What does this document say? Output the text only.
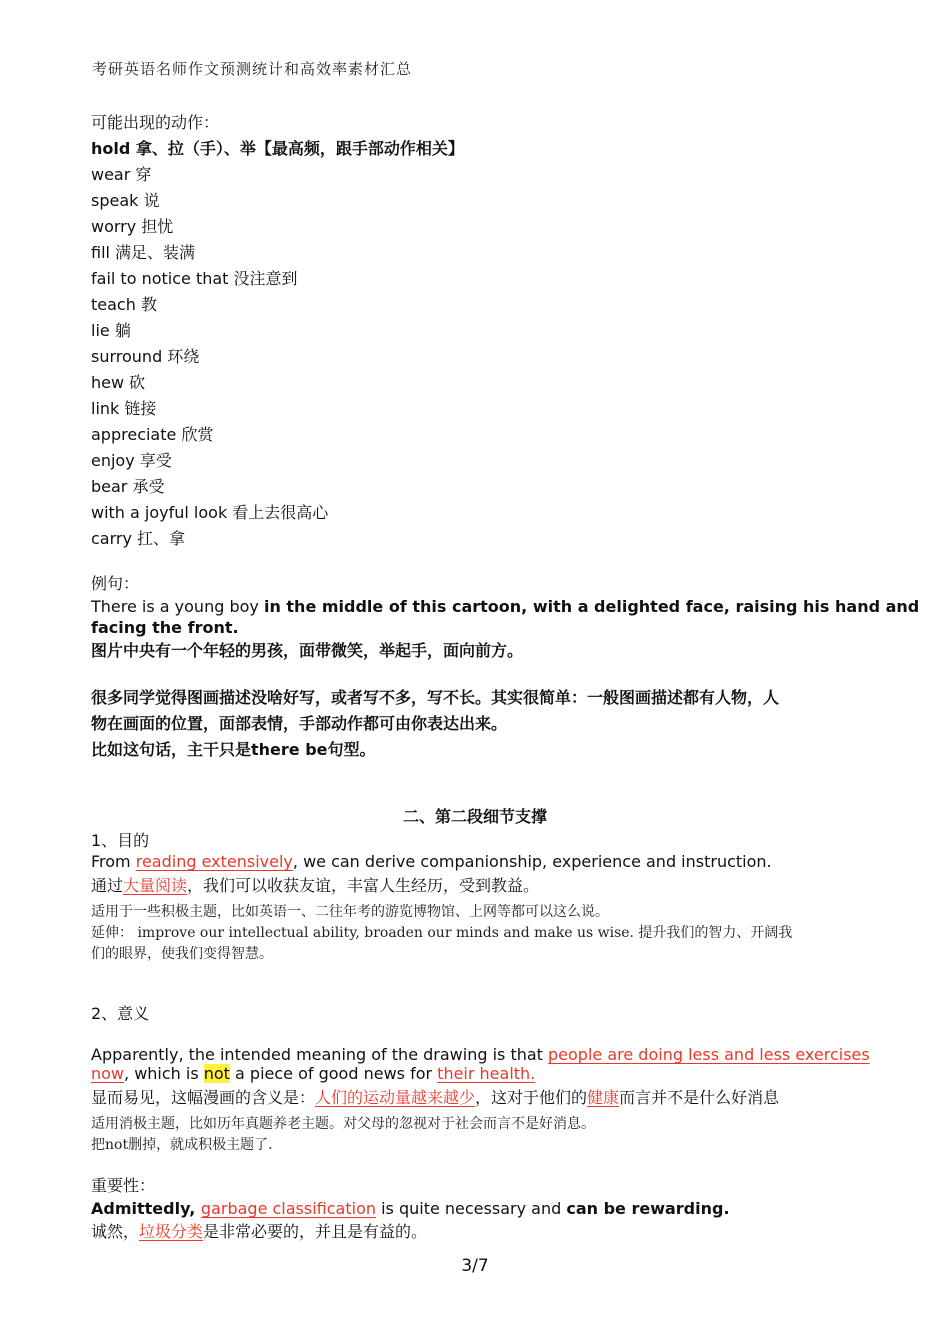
考研英语名师作文预测统计和高效率素材汇总
可能出现的动作：
hold 拿、拉（手）、举【最高频，跟手部动作相关】
wear 穿
speak 说
worry 担忧
fill 满足、装满
fail to notice that 没注意到
teach 教
lie 躺
surround 环绕
hew 砍
link 链接
appreciate 欣赏
enjoy 享受
bear 承受
with a joyful look 看上去很高心
carry 扛、拿
例句：
There is a young boy in the middle of this cartoon, with a delighted face, raising his hand and
facing the front.
图片中央有一个年轻的男孩，面带微笑，举起手，面向前方。
很多同学觉得图画描述没啥好写，或者写不多，写不长。其实很简单：一般图画描述都有人物，人
物在画面的位置，面部表情，手部动作都可由你表达出来。
比如这句话，主干只是there be句型。
二、第二段细节支撑
1、目的
From reading extensively, we can derive companionship, experience and instruction.
通过大量阅读，我们可以收获友谊，丰富人生经历，受到教益。
适用于一些积极主题，比如英语一、二往年考的游览博物馆、上网等都可以这么说。
延伸： improve our intellectual ability, broaden our minds and make us wise. 提升我们的智力、开阔我
们的眼界，使我们变得智慧。
2、意义
Apparently, the intended meaning of the drawing is that people are doing less and less exercises
now, which is not a piece of good news for their health.
显而易见，这幅漫画的含义是：人们的运动量越来越少，这对于他们的健康而言并不是什么好消息
适用消极主题，比如历年真题养老主题。对父母的忽视对于社会而言不是好消息。
把not删掉，就成积极主题了.
重要性：
Admittedly, garbage classification is quite necessary and can be rewarding.
诚然，垃圾分类是非常必要的，并且是有益的。
3/7
